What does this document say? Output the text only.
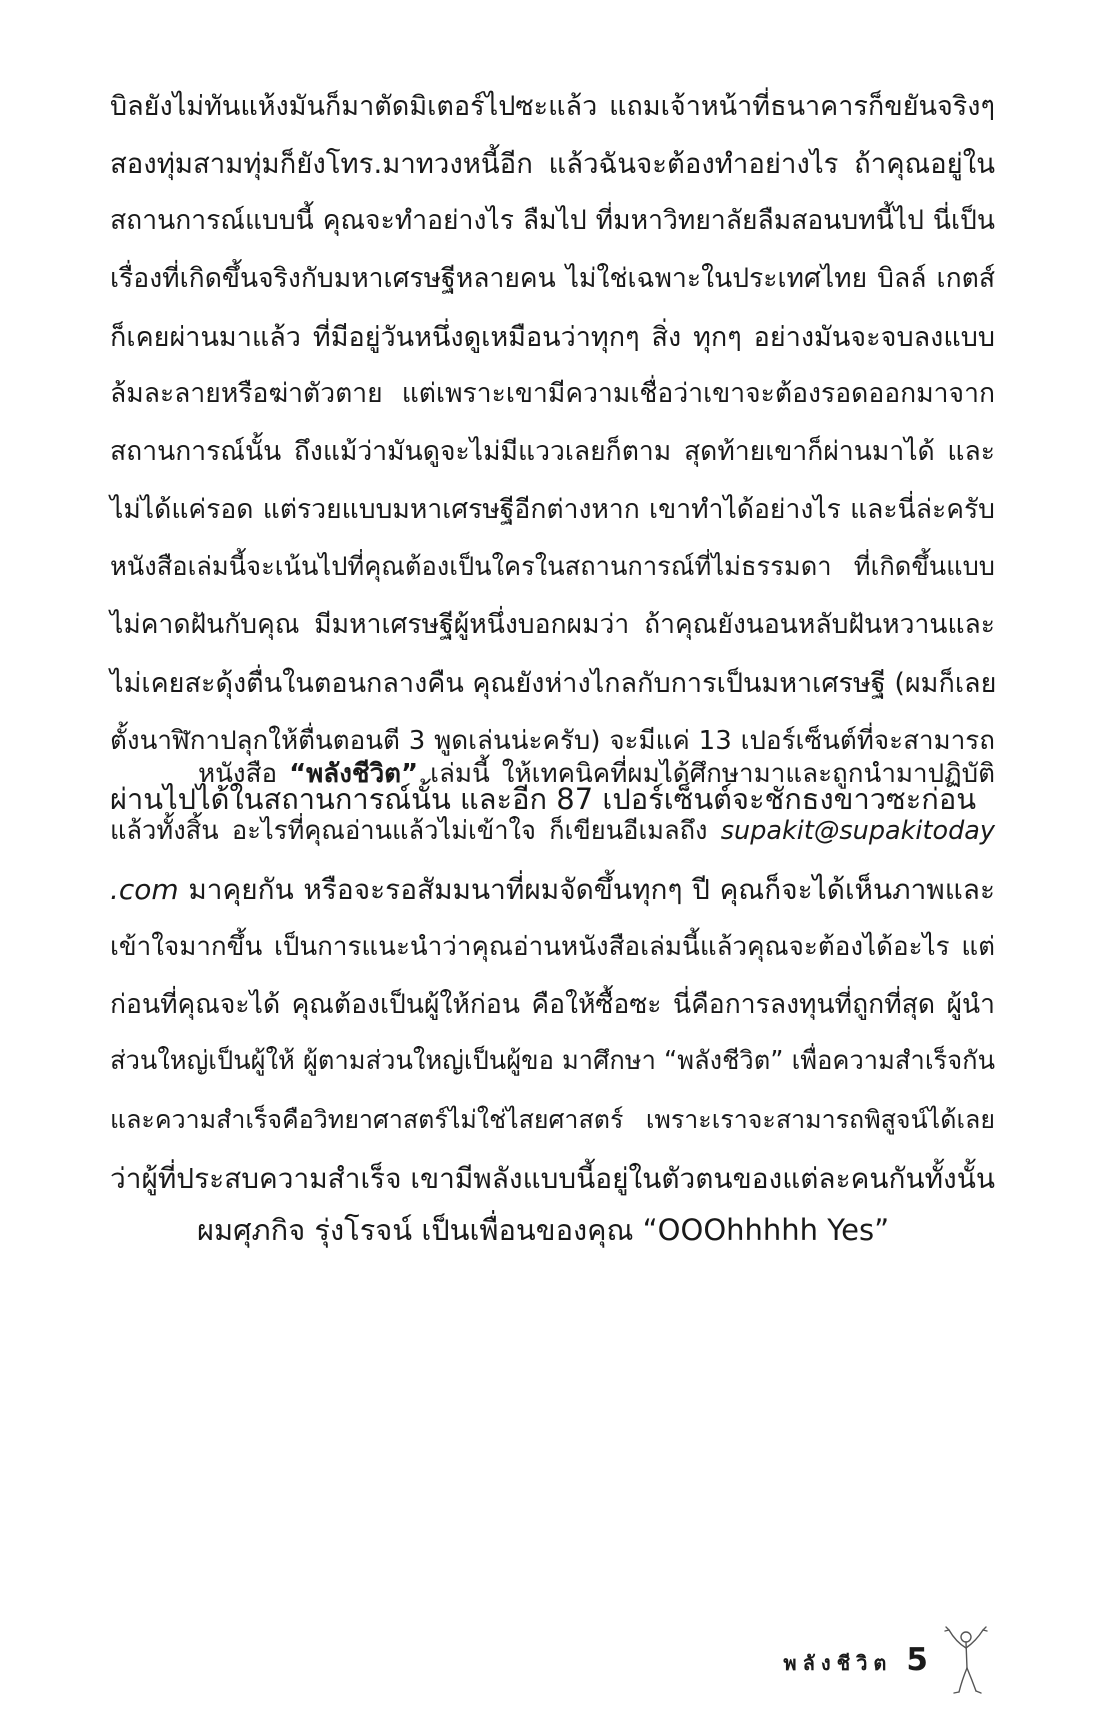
บิลยังไม่ทันแห้งมันก็มาตัดมิเตอร์ไปซะแล้ว แถมเจ้าหน้าที่ธนาคารก็ขยันจริงๆ
สองทุ่มสามทุ่มก็ยังโทร.มาทวงหนี้อีก แล้วฉันจะต้องทำอย่างไร ถ้าคุณอยู่ใน
สถานการณ์แบบนี้ คุณจะทำอย่างไร ลืมไป ที่มหาวิทยาลัยลืมสอนบทนี้ไป นี่เป็น
เรื่องที่เกิดขึ้นจริงกับมหาเศรษฐีหลายคน ไม่ใช่เฉพาะในประเทศไทย บิลล์ เกตส์
ก็เคยผ่านมาแล้ว ที่มีอยู่วันหนึ่งดูเหมือนว่าทุกๆ สิ่ง ทุกๆ อย่างมันจะจบลงแบบ
ล้มละลายหรือฆ่าตัวตาย แต่เพราะเขามีความเชื่อว่าเขาจะต้องรอดออกมาจาก
สถานการณ์นั้น ถึงแม้ว่ามันดูจะไม่มีแววเลยก็ตาม สุดท้ายเขาก็ผ่านมาได้ และ
ไม่ได้แค่รอด แต่รวยแบบมหาเศรษฐีอีกต่างหาก เขาทำได้อย่างไร และนี่ล่ะครับ
หนังสือเล่มนี้จะเน้นไปที่คุณต้องเป็นใครในสถานการณ์ที่ไม่ธรรมดา ที่เกิดขึ้นแบบ
ไม่คาดฝันกับคุณ มีมหาเศรษฐีผู้หนึ่งบอกผมว่า ถ้าคุณยังนอนหลับฝันหวานและ
ไม่เคยสะดุ้งตื่นในตอนกลางคืน คุณยังห่างไกลกับการเป็นมหาเศรษฐี (ผมก็เลย
ตั้งนาฬิกาปลุกให้ตื่นตอนตี 3 พูดเล่นน่ะครับ) จะมีแค่ 13 เปอร์เซ็นต์ที่จะสามารถ
ผ่านไปได้ในสถานการณ์นั้น และอีก 87 เปอร์เซ็นต์จะชักธงขาวซะก่อน
หนังสือ “พลังชีวิต” เล่มนี้ ให้เทคนิคที่ผมได้ศึกษามาและถูกนำมาปฏิบัติ
แล้วทั้งสิ้น อะไรที่คุณอ่านแล้วไม่เข้าใจ ก็เขียนอีเมลถึง supakit@supakitoday
.com มาคุยกัน หรือจะรอสัมมนาที่ผมจัดขึ้นทุกๆ ปี คุณก็จะได้เห็นภาพและ
เข้าใจมากขึ้น เป็นการแนะนำว่าคุณอ่านหนังสือเล่มนี้แล้วคุณจะต้องได้อะไร แต่
ก่อนที่คุณจะได้ คุณต้องเป็นผู้ให้ก่อน คือให้ซื้อซะ นี่คือการลงทุนที่ถูกที่สุด ผู้นำ
ส่วนใหญ่เป็นผู้ให้ ผู้ตามส่วนใหญ่เป็นผู้ขอ มาศึกษา “พลังชีวิต” เพื่อความสำเร็จกัน
และความสำเร็จคือวิทยาศาสตร์ไม่ใช่ไสยศาสตร์ เพราะเราจะสามารถพิสูจน์ได้เลย
ว่าผู้ที่ประสบความสำเร็จ เขามีพลังแบบนี้อยู่ในตัวตนของแต่ละคนกันทั้งนั้น
ผมศุภกิจ รุ่งโรจน์ เป็นเพื่อนของคุณ “OOOhhhhh Yes”
พลังชีวิต 5
